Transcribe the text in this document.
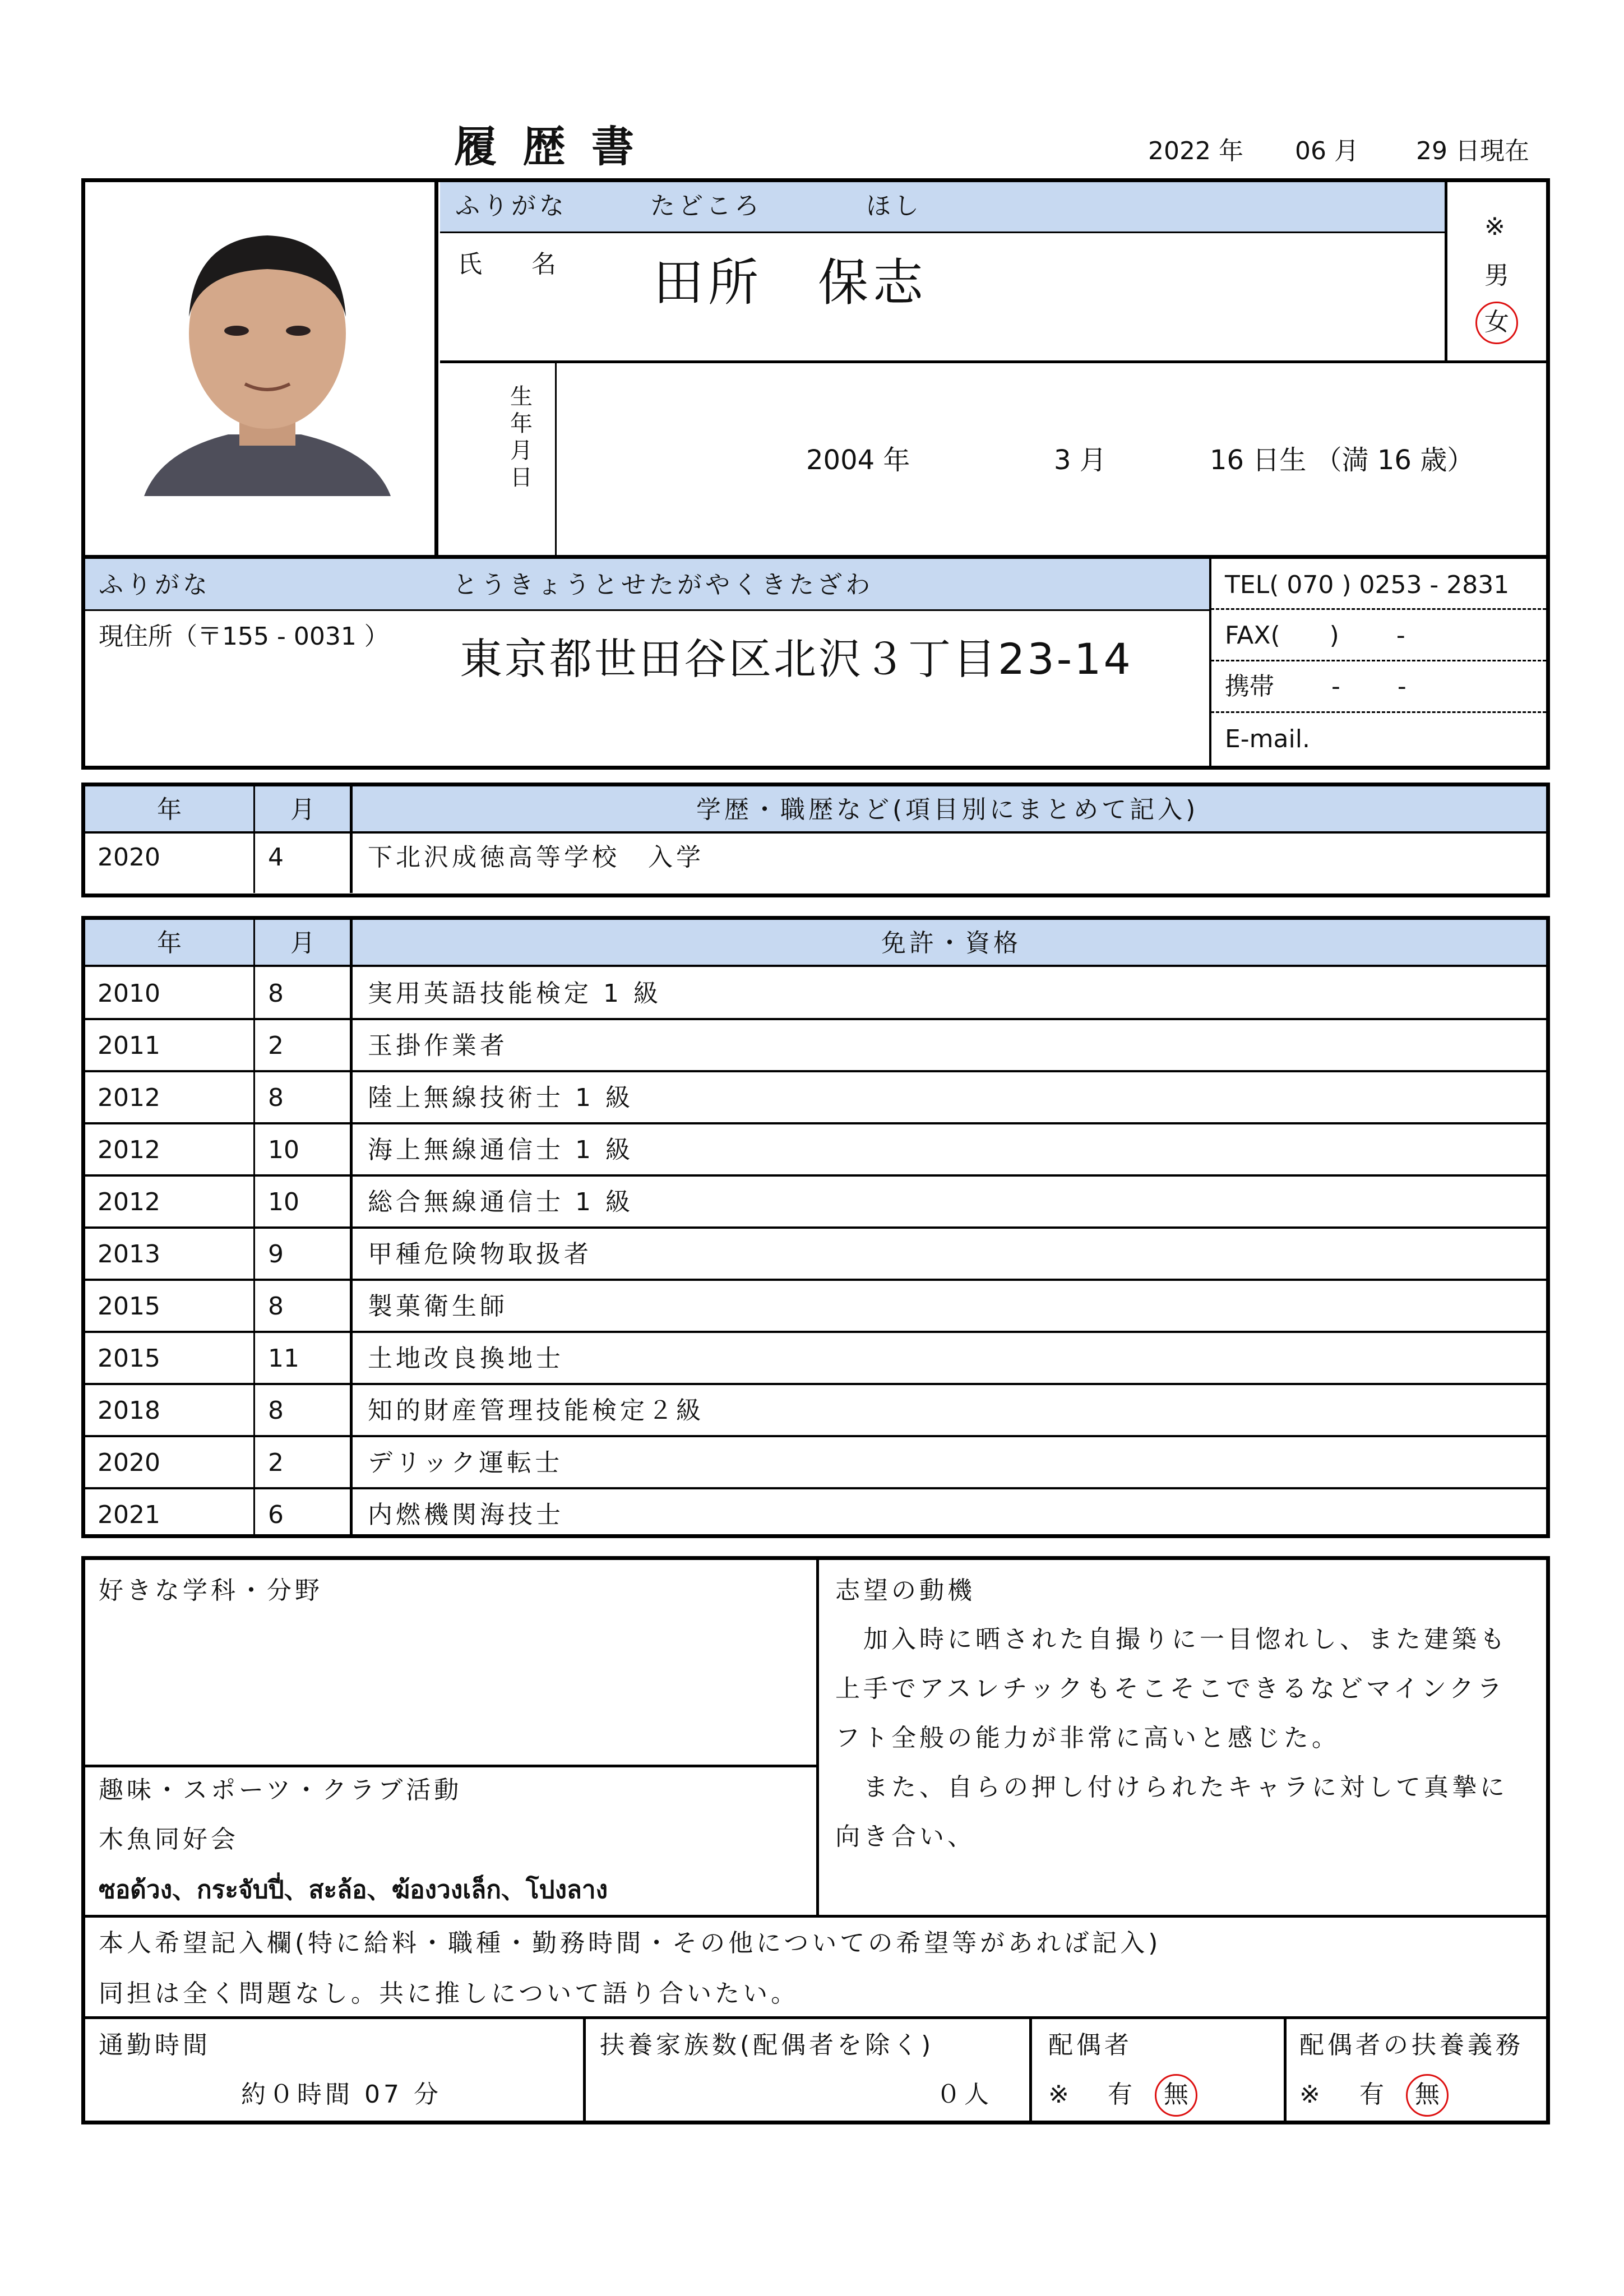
履 歴 書	2022 年 06 月 29 日現在
ふりがな	たどころ	ほし
氏　　名 田所　保志
※
男
女
生
年
月
日
2004 年	3 月	16 日生 （満 16 歳）
ふりがな	とうきょうとせたがやくきたざわ
現住所（〒155 - 0031 ） 東京都世田谷区北沢３丁目23-14
TEL( 070 ) 0253 - 2831
FAX(　　)　　 -
携帯　　 -　　 -
E-mail.
年	月	学歴・職歴など(項目別にまとめて記入)
2020	4	下北沢成徳高等学校　入学
年	月	免許・資格
2010	8	実用英語技能検定 1 級
2011	2	玉掛作業者
2012	8	陸上無線技術士 1 級
2012	10	海上無線通信士 1 級
2012	10	総合無線通信士 1 級
2013	9	甲種危険物取扱者
2015	8	製菓衛生師
2015	11	土地改良換地士
2018	8	知的財産管理技能検定２級
2020	2	デリック運転士
2021	6	内燃機関海技士
好きな学科・分野
趣味・スポーツ・クラブ活動
木魚同好会
ซอด้วง、กระจับปี่、สะล้อ、ฆ้องวงเล็ก、โปงลาง
志望の動機
　加入時に晒された自撮りに一目惚れし、また建築も
上手でアスレチックもそこそこできるなどマインクラ
フト全般の能力が非常に高いと感じた。
　また、自らの押し付けられたキャラに対して真摯に
向き合い、
本人希望記入欄(特に給料・職種・勤務時間・その他についての希望等があれば記入)
同担は全く問題なし。共に推しについて語り合いたい。
通勤時間
約０時間 07 分
扶養家族数(配偶者を除く)
０人
配偶者
※ 有 無
配偶者の扶養義務
※ 有 無
